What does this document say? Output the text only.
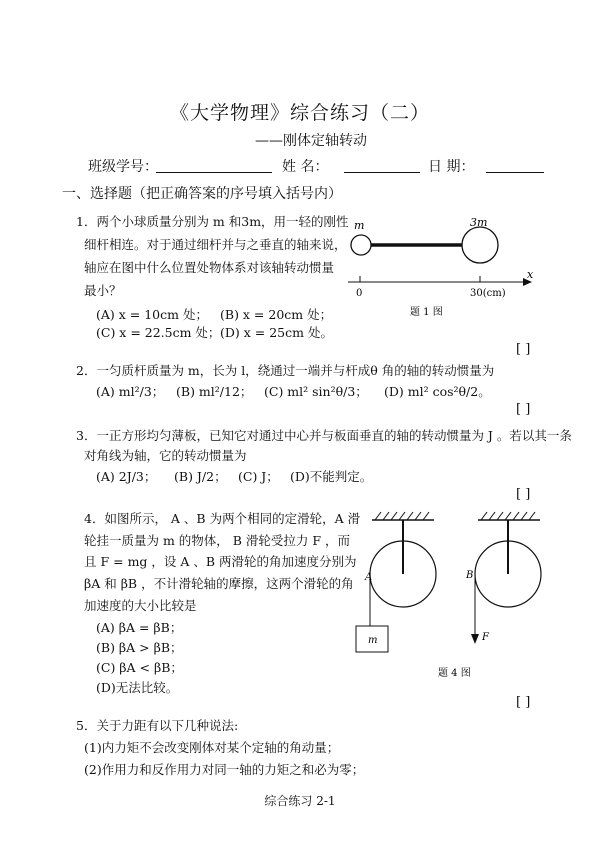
《大学物理》综合练习（二）
——刚体定轴转动
班级学号：	姓 名：	日 期：
一、选择题（把正确答案的序号填入括号内）
1．两个小球质量分别为 m 和3m，用一轻的刚性
细杆相连。对于通过细杆并与之垂直的轴来说，
轴应在图中什么位置处物体系对该轴转动惯量
最小？
(A) x = 10cm 处； (B) x = 20cm 处；
(C) x = 22.5cm 处； (D) x = 25cm 处。
m	3m
x
0	30(cm)
题 1 图
[ ]
2．一匀质杆质量为 m，长为 l，绕通过一端并与杆成θ 角的轴的转动惯量为
(A) ml²/3； (B) ml²/12； (C) ml² sin²θ/3； (D) ml² cos²θ/2。
[ ]
3．一正方形均匀薄板，已知它对通过中心并与板面垂直的轴的转动惯量为 J 。若以其一条
对角线为轴，它的转动惯量为
(A) 2J/3； (B) J/2； (C) J； (D)不能判定。
[ ]
4．如图所示， A 、B 为两个相同的定滑轮，A 滑
轮挂一质量为 m 的物体， B 滑轮受拉力 F ，而
且 F = mg ，设 A 、B 两滑轮的角加速度分别为
βA 和 βB ，不计滑轮轴的摩擦，这两个滑轮的角
加速度的大小比较是
(A) βA = βB；
(B) βA > βB；
(C) βA < βB；
(D)无法比较。
m
A
F
B
题 4 图
[ ]
5．关于力距有以下几种说法:
(1)内力矩不会改变刚体对某个定轴的角动量；
(2)作用力和反作用力对同一轴的力矩之和必为零；
综合练习 2-1
